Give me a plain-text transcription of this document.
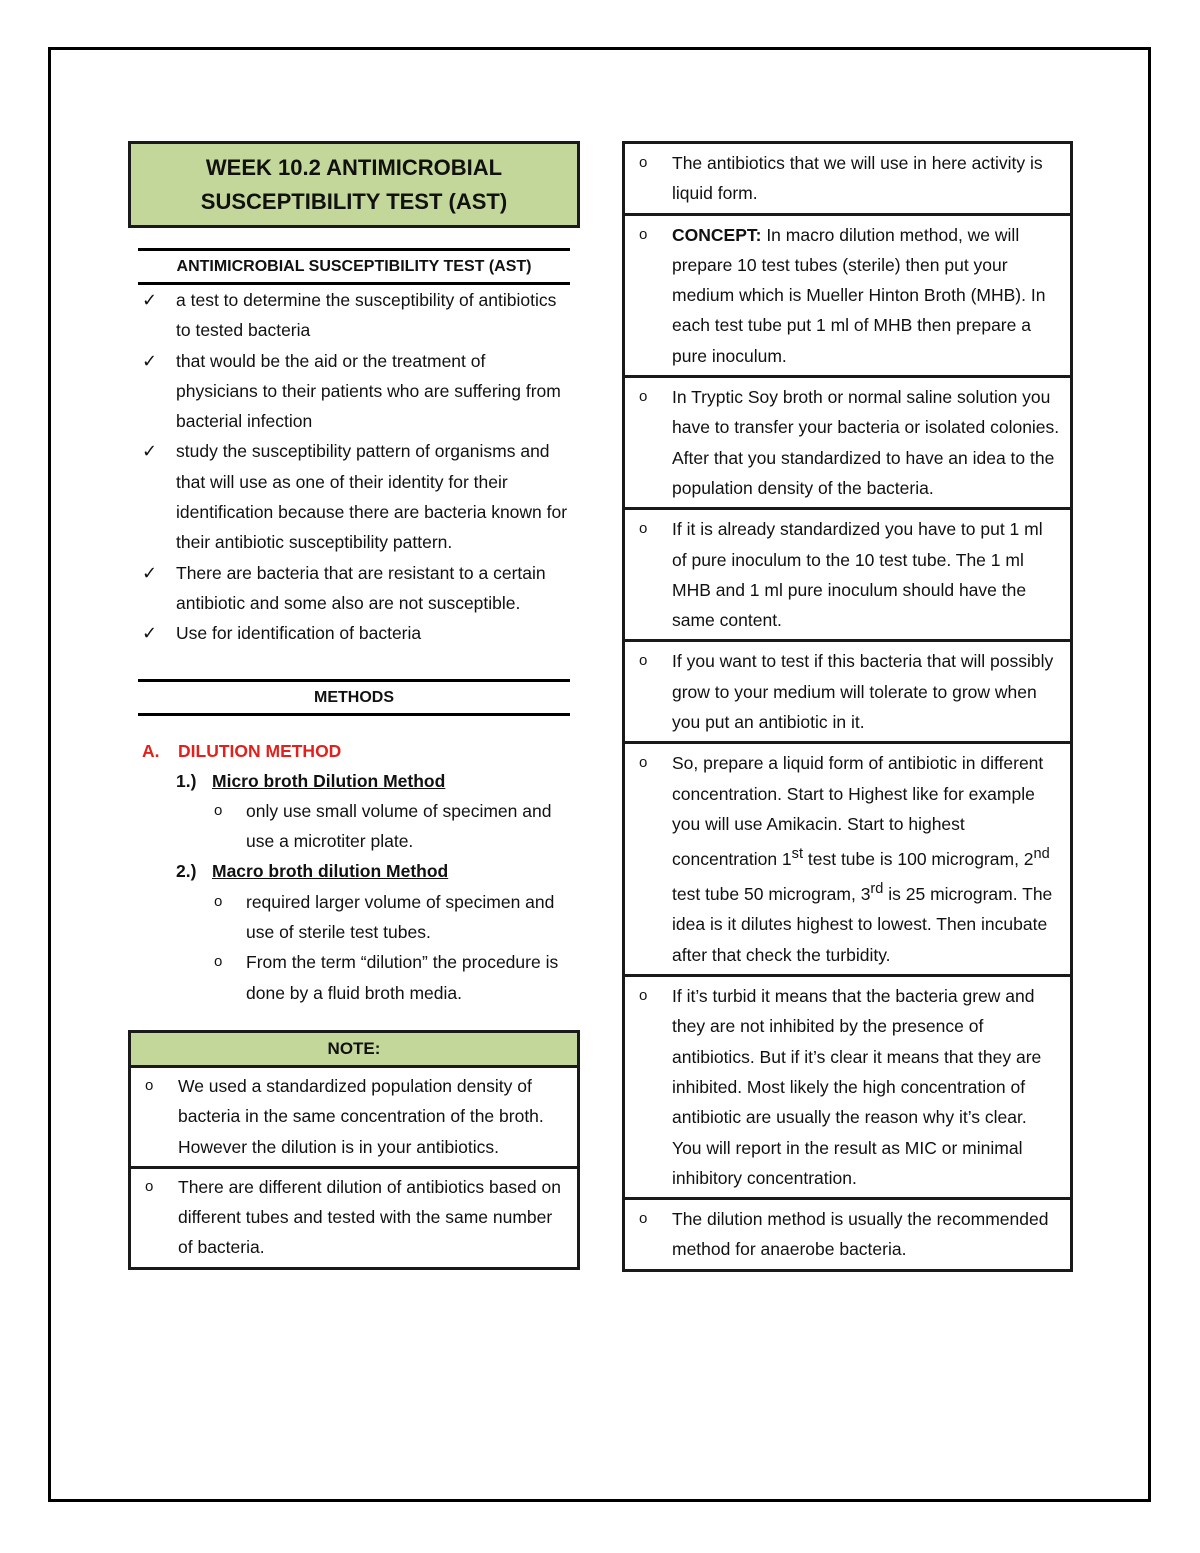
WEEK 10.2 ANTIMICROBIAL SUSCEPTIBILITY TEST (AST)
ANTIMICROBIAL SUSCEPTIBILITY TEST (AST)
✓ a test to determine the susceptibility of antibiotics to tested bacteria
✓ that would be the aid or the treatment of physicians to their patients who are suffering from bacterial infection
✓ study the susceptibility pattern of organisms and that will use as one of their identity for their identification because there are bacteria known for their antibiotic susceptibility pattern.
✓ There are bacteria that are resistant to a certain antibiotic and some also are not susceptible.
✓ Use for identification of bacteria
METHODS
A. DILUTION METHOD
1.) Micro broth Dilution Method
o only use small volume of specimen and use a microtiter plate.
2.) Macro broth dilution Method
o required larger volume of specimen and use of sterile test tubes.
o From the term “dilution” the procedure is done by a fluid broth media.
NOTE:
o We used a standardized population density of bacteria in the same concentration of the broth. However the dilution is in your antibiotics.
o There are different dilution of antibiotics based on different tubes and tested with the same number of bacteria.
o The antibiotics that we will use in here activity is liquid form.
o CONCEPT: In macro dilution method, we will prepare 10 test tubes (sterile) then put your medium which is Mueller Hinton Broth (MHB). In each test tube put 1 ml of MHB then prepare a pure inoculum.
o In Tryptic Soy broth or normal saline solution you have to transfer your bacteria or isolated colonies. After that you standardized to have an idea to the population density of the bacteria.
o If it is already standardized you have to put 1 ml of pure inoculum to the 10 test tube. The 1 ml MHB and 1 ml pure inoculum should have the same content.
o If you want to test if this bacteria that will possibly grow to your medium will tolerate to grow when you put an antibiotic in it.
o So, prepare a liquid form of antibiotic in different concentration. Start to Highest like for example you will use Amikacin. Start to highest concentration 1st test tube is 100 microgram, 2nd test tube 50 microgram, 3rd is 25 microgram. The idea is it dilutes highest to lowest. Then incubate after that check the turbidity.
o If it’s turbid it means that the bacteria grew and they are not inhibited by the presence of antibiotics. But if it’s clear it means that they are inhibited. Most likely the high concentration of antibiotic are usually the reason why it’s clear. You will report in the result as MIC or minimal inhibitory concentration.
o The dilution method is usually the recommended method for anaerobe bacteria.
